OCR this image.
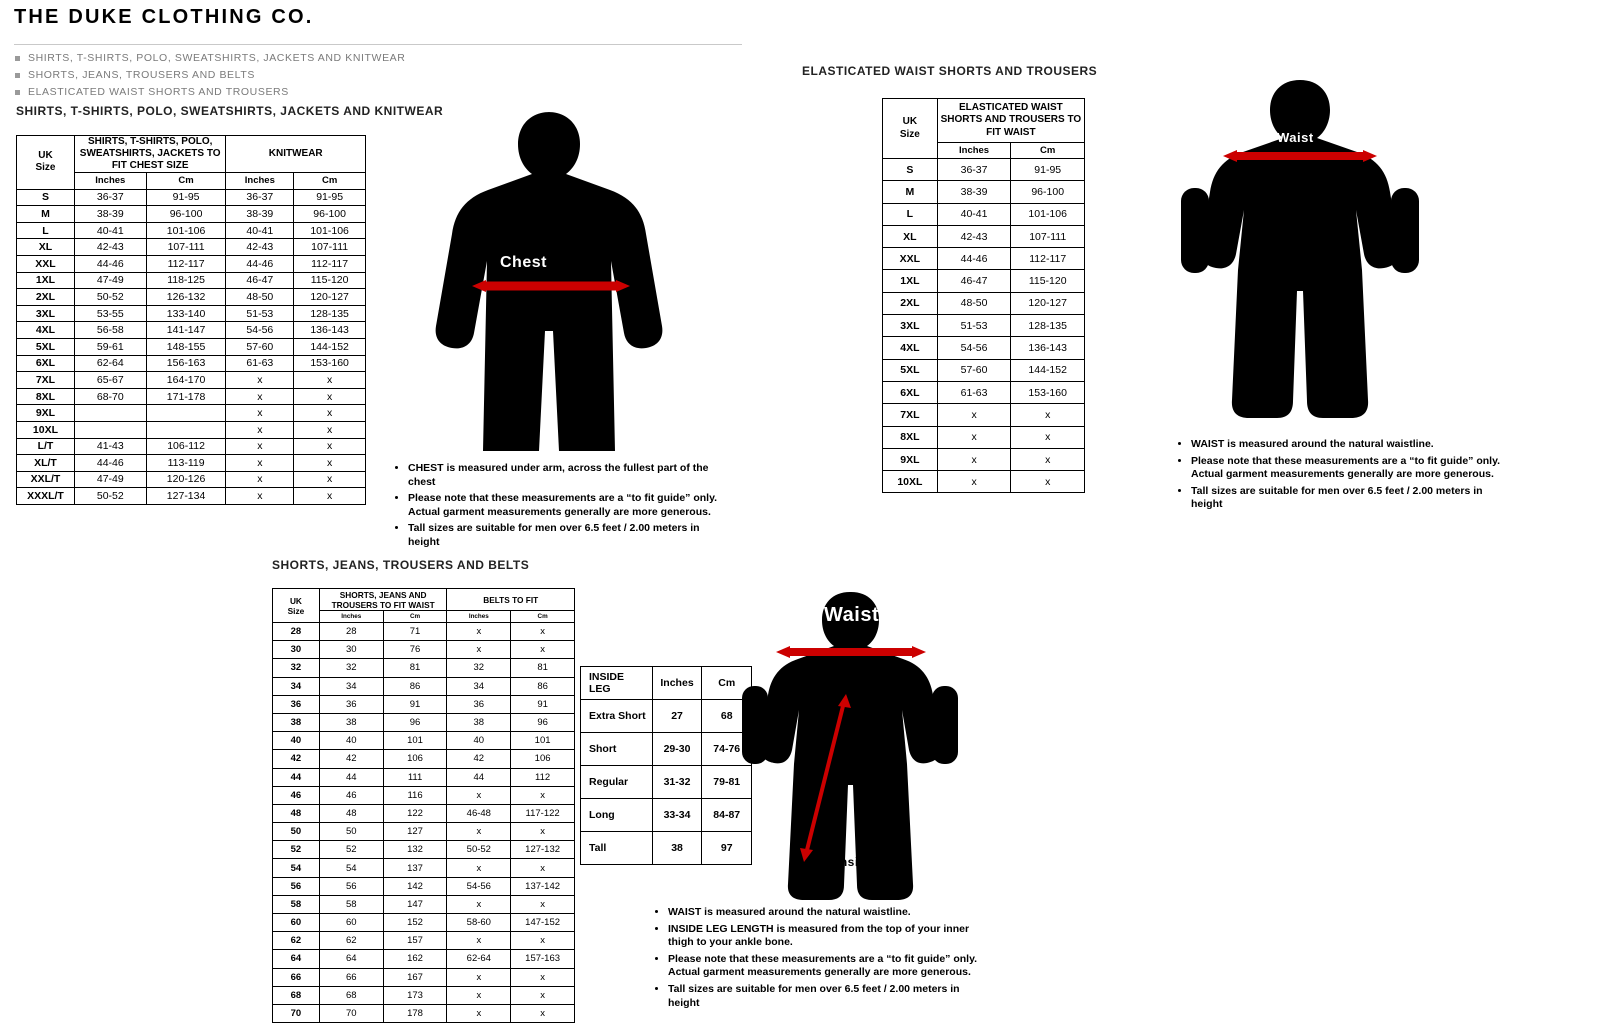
THE DUKE CLOTHING CO.
SHIRTS, T-SHIRTS, POLO, SWEATSHIRTS, JACKETS AND KNITWEAR
SHORTS, JEANS, TROUSERS AND BELTS
ELASTICATED WAIST SHORTS AND TROUSERS
SHIRTS, T-SHIRTS, POLO, SWEATSHIRTS, JACKETS AND KNITWEAR
ELASTICATED WAIST SHORTS AND TROUSERS
SHORTS, JEANS, TROUSERS AND BELTS
UK
Size	SHIRTS, T-SHIRTS, POLO, SWEATSHIRTS, JACKETS TO FIT CHEST SIZE		KNITWEAR	
	Inches	Cm	Inches	Cm
S	36-37	91-95	36-37	91-95
M	38-39	96-100	38-39	96-100
L	40-41	101-106	40-41	101-106
XL	42-43	107-111	42-43	107-111
XXL	44-46	112-117	44-46	112-117
1XL	47-49	118-125	46-47	115-120
2XL	50-52	126-132	48-50	120-127
3XL	53-55	133-140	51-53	128-135
4XL	56-58	141-147	54-56	136-143
5XL	59-61	148-155	57-60	144-152
6XL	62-64	156-163	61-63	153-160
7XL	65-67	164-170	x	x
8XL	68-70	171-178	x	x
9XL			x	x
10XL			x	x
L/T	41-43	106-112	x	x
XL/T	44-46	113-119	x	x
XXL/T	47-49	120-126	x	x
XXXL/T	50-52	127-134	x	x
UK
Size	ELASTICATED WAIST SHORTS AND TROUSERS TO FIT WAIST	
	Inches	Cm
S	36-37	91-95
M	38-39	96-100
L	40-41	101-106
XL	42-43	107-111
XXL	44-46	112-117
1XL	46-47	115-120
2XL	48-50	120-127
3XL	51-53	128-135
4XL	54-56	136-143
5XL	57-60	144-152
6XL	61-63	153-160
7XL	x	x
8XL	x	x
9XL	x	x
10XL	x	x
UK
Size	SHORTS, JEANS AND TROUSERS TO FIT WAIST		BELTS TO FIT	
	Inches	Cm	Inches	Cm
28	28	71	x	x
30	30	76	x	x
32	32	81	32	81
34	34	86	34	86
36	36	91	36	91
38	38	96	38	96
40	40	101	40	101
42	42	106	42	106
44	44	111	44	112
46	46	116	x	x
48	48	122	46-48	117-122
50	50	127	x	x
52	52	132	50-52	127-132
54	54	137	x	x
56	56	142	54-56	137-142
58	58	147	x	x
60	60	152	58-60	147-152
62	62	157	x	x
64	64	162	62-64	157-163
66	66	167	x	x
68	68	173	x	x
70	70	178	x	x
INSIDE LEG	Inches	Cm
Extra Short	27	68
Short	29-30	74-76
Regular	31-32	79-81
Long	33-34	84-87
Tall	38	97
Chest
Waist
Waist
Inside Leg
• CHEST is measured under arm, across the fullest part of the chest
• Please note that these measurements are a “to fit guide” only. Actual garment measurements generally are more generous.
• Tall sizes are suitable for men over 6.5 feet / 2.00 meters in height
• WAIST is measured around the natural waistline.
• Please note that these measurements are a “to fit guide” only. Actual garment measurements generally are more generous.
• Tall sizes are suitable for men over 6.5 feet / 2.00 meters in height
• WAIST is measured around the natural waistline.
• INSIDE LEG LENGTH is measured from the top of your inner thigh to your ankle bone.
• Please note that these measurements are a “to fit guide” only. Actual garment measurements generally are more generous.
• Tall sizes are suitable for men over 6.5 feet / 2.00 meters in height
